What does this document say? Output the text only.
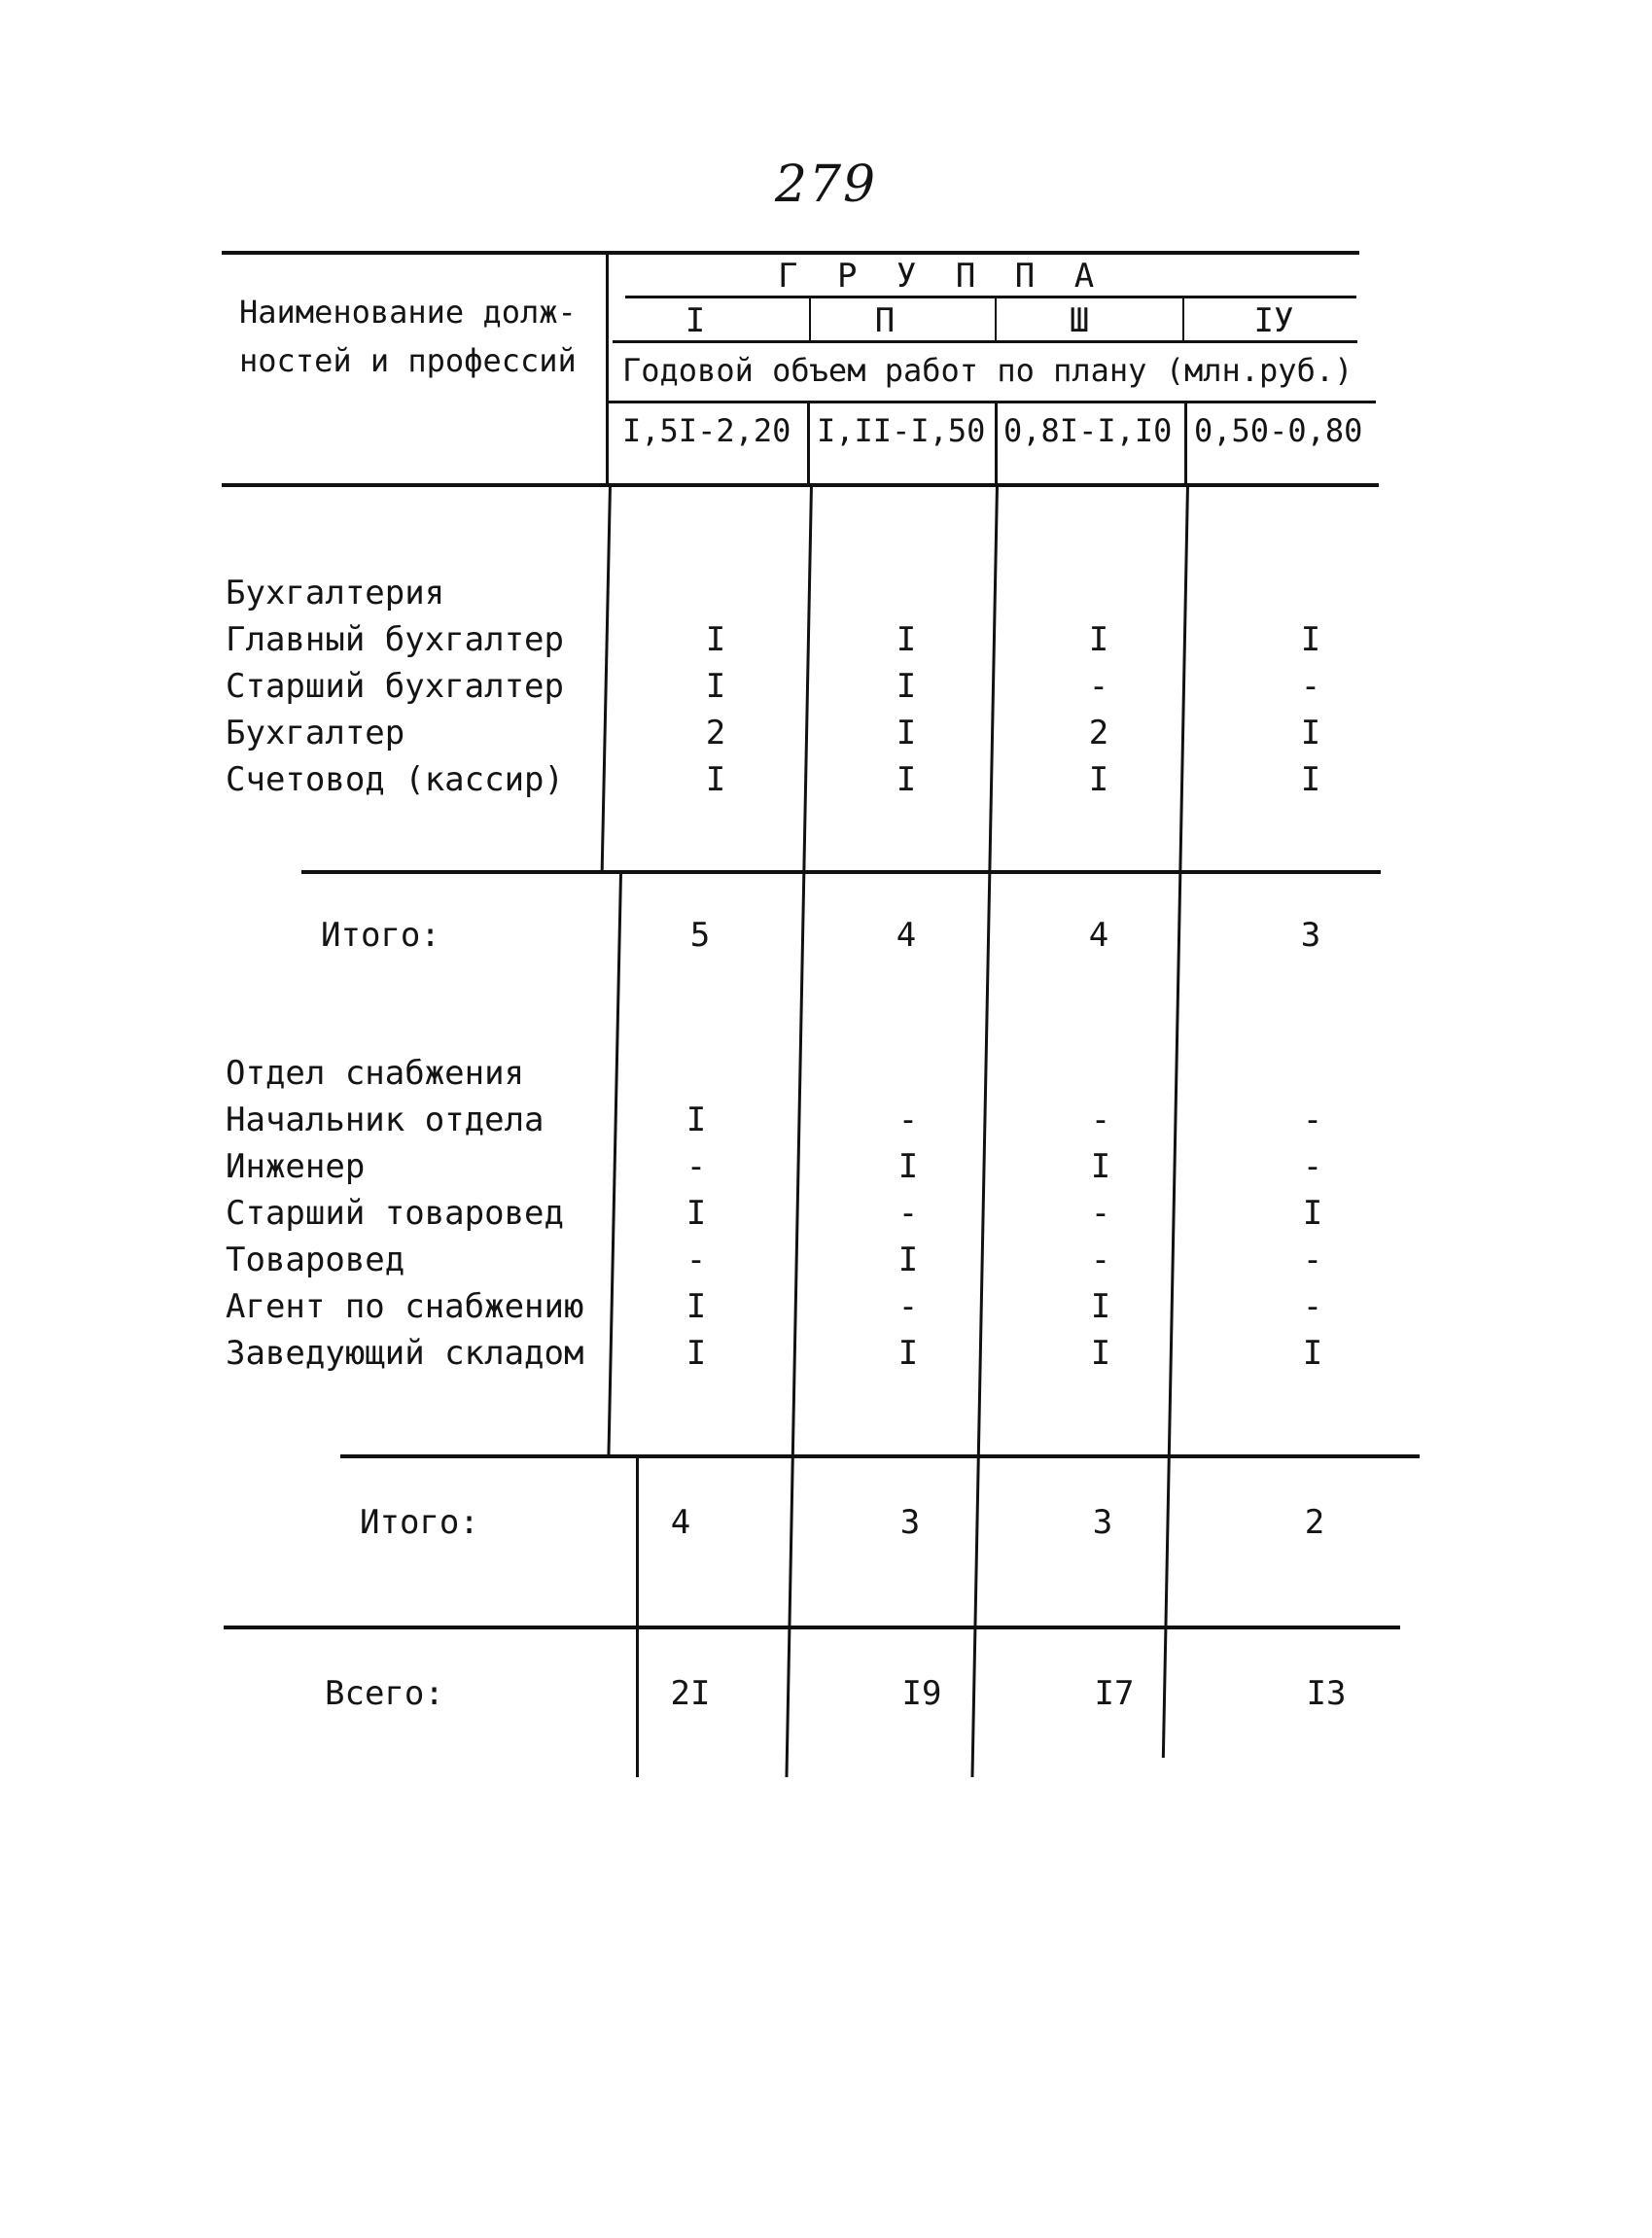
279
Наименование долж-
ностей и профессий
Г Р У П П А
I	П	Ш	IУ
Годовой объем работ по плану (млн.руб.)
I,5I-2,20 I,II-I,50 0,8I-I,I0 0,50-0,80
Бухгалтерия
Главный бухгалтер	I	I	I	I
Старший бухгалтер	I	I	-	-
Бухгалтер	2	I	2	I
Счетовод (кассир)	I	I	I	I
Итого:	5	4	4	3
Отдел снабжения
Начальник отдела	I	-	-	-
Инженер	-	I	I	-
Старший товаровед	I	-	-	I
Товаровед	-	I	-	-
Агент по снабжению	I	-	I	-
Заведующий складом	I	I	I	I
Итого:	4	3	3	2
Всего:	2I	I9	I7	I3
